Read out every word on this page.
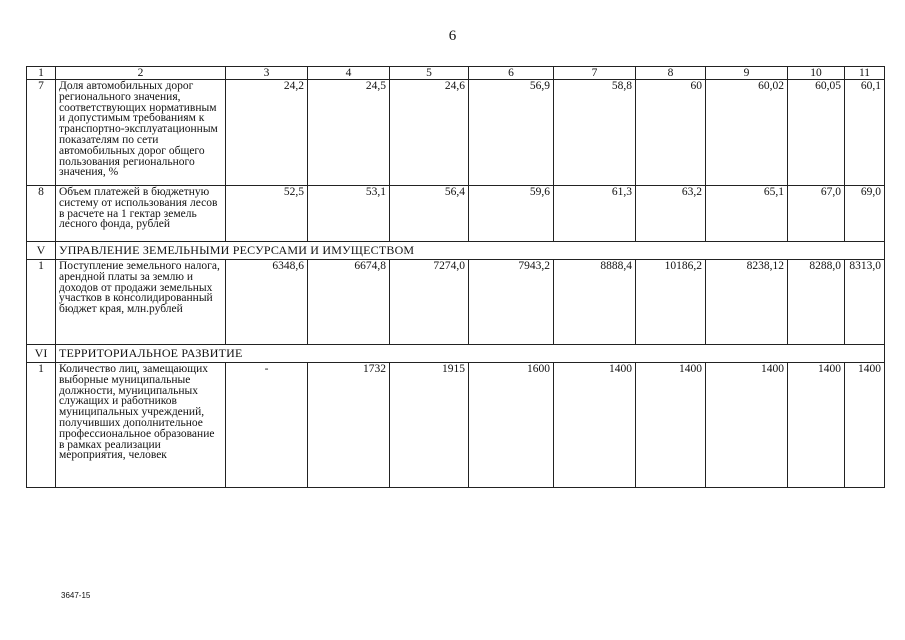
6
1	2	3	4	5	6	7	8	9	10	11
7	Доля автомобильных дорог регионального значения, соответствующих нормативным и допустимым требованиям к транспортно-эксплуатационным показателям по сети автомобильных дорог общего пользования регионального значения, %	24,2	24,5	24,6	56,9	58,8	60	60,02	60,05	60,1
8	Объем платежей в бюджетную систему от использования лесов в расчете на 1 гектар земель лесного фонда, рублей	52,5	53,1	56,4	59,6	61,3	63,2	65,1	67,0	69,0
V	УПРАВЛЕНИЕ ЗЕМЕЛЬНЫМИ РЕСУРСАМИ И ИМУЩЕСТВОМ									
1	Поступление земельного налога, арендной платы за землю и доходов от продажи земельных участков в консолидированный бюджет края, млн.рублей	6348,6	6674,8	7274,0	7943,2	8888,4	10186,2	8238,12	8288,0	8313,0
VI	ТЕРРИТОРИАЛЬНОЕ РАЗВИТИЕ									
1	Количество лиц, замещающих выборные муниципальные должности, муниципальных служащих и работников муниципальных учреждений, получивших дополнительное профессиональное образование в рамках реализации мероприятия, человек	-	1732	1915	1600	1400	1400	1400	1400	1400
3647-15
